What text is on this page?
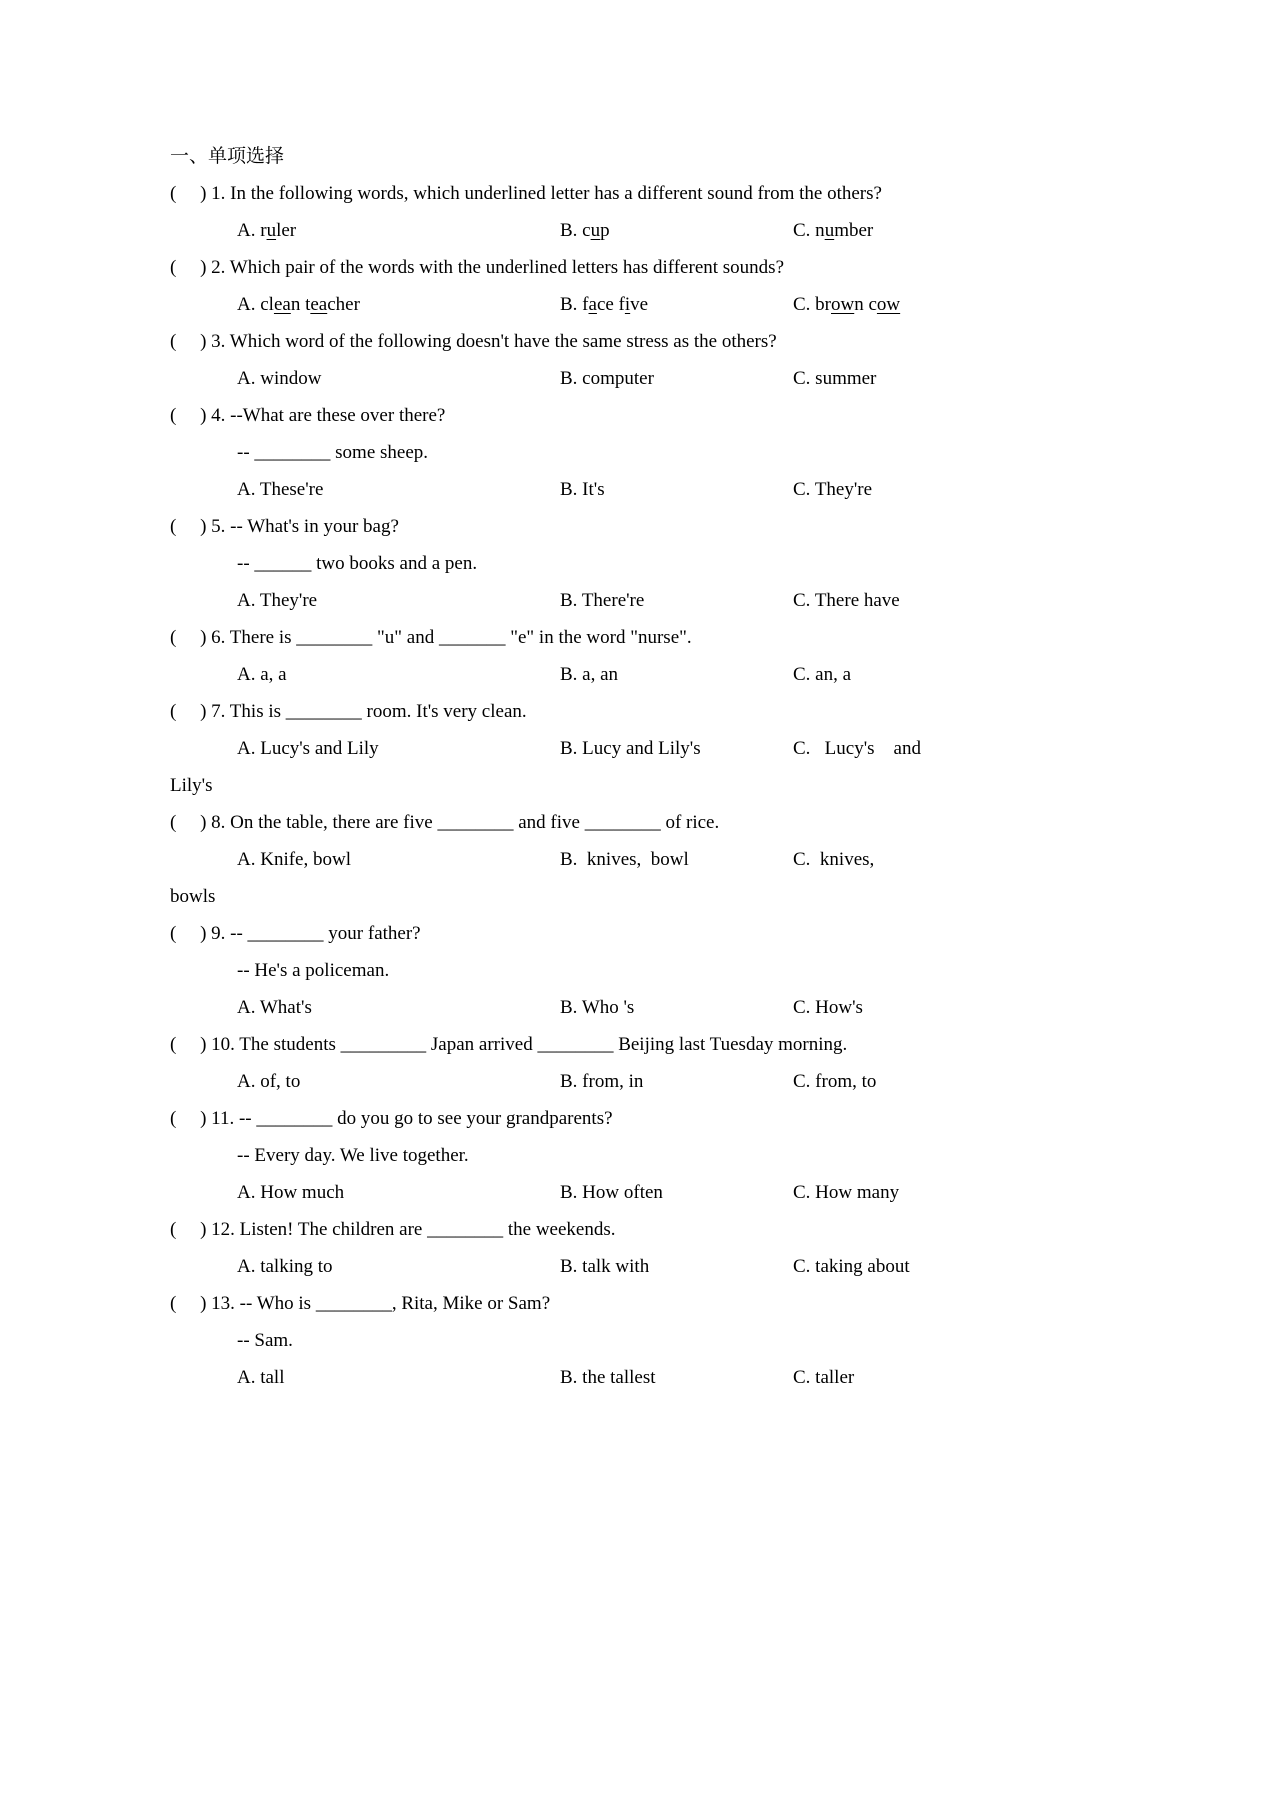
一、单项选择
(     ) 1. In the following words, which underlined letter has a different sound from the others?
A. ruler	B. cup	C. number
(     ) 2. Which pair of the words with the underlined letters has different sounds?
A. clean teacher	B. face five	C. brown cow
(     ) 3. Which word of the following doesn't have the same stress as the others?
A. window	B. computer	C. summer
(     ) 4. --What are these over there?
-- ________ some sheep.
A. These're	B. It's	C. They're
(     ) 5. -- What's in your bag?
-- ______ two books and a pen.
A. They're	B. There're	C. There have
(     ) 6. There is ________ "u" and _______ "e" in the word "nurse".
A. a, a	B. a, an	C. an, a
(     ) 7. This is ________ room. It's very clean.
A. Lucy's and Lily	B. Lucy and Lily's	C.   Lucy's    and
Lily's
(     ) 8. On the table, there are five ________ and five ________ of rice.
A. Knife, bowl	B.  knives,  bowl	C.  knives,
bowls
(     ) 9. -- ________ your father?
-- He's a policeman.
A. What's	B. Who 's	C. How's
(     ) 10. The students _________ Japan arrived ________ Beijing last Tuesday morning.
A. of, to	B. from, in	C. from, to
(     ) 11. -- ________ do you go to see your grandparents?
-- Every day. We live together.
A. How much	B. How often	C. How many
(     ) 12. Listen! The children are ________ the weekends.
A. talking to	B. talk with	C. taking about
(     ) 13. -- Who is ________, Rita, Mike or Sam?
-- Sam.
A. tall	B. the tallest	C. taller
